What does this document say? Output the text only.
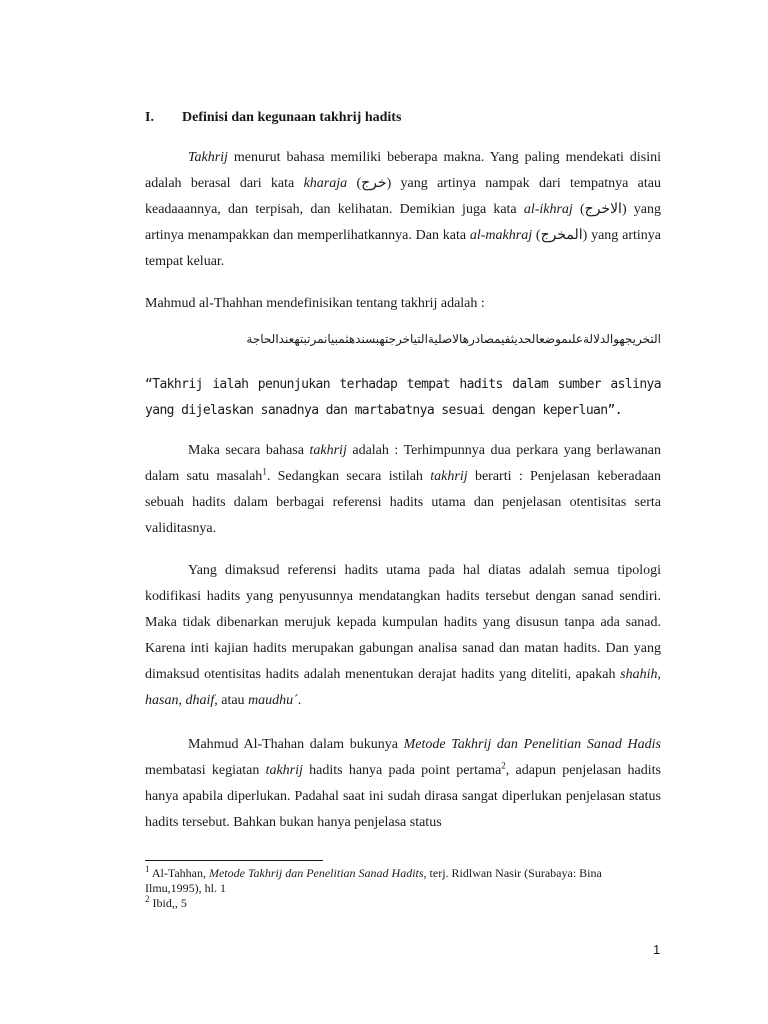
I. Definisi dan kegunaan takhrij hadits

Takhrij menurut bahasa memiliki beberapa makna. Yang paling mendekati disini adalah berasal dari kata kharaja (خرج) yang artinya nampak dari tempatnya atau keadaaannya, dan terpisah, dan kelihatan. Demikian juga kata al-ikhraj (الاخرج) yang artinya menampakkan dan memperlihatkannya. Dan kata al-makhraj (المخرج) yang artinya tempat keluar.

Mahmud al-Thahhan mendefinisikan tentang takhrij adalah :

التخريجهوالدلالةعلىموضعالحديثفيمصادرهالاصليةالتياخرجتهبسندهثمبيانمرتبتهعندالحاجة

“Takhrij ialah penunjukan terhadap tempat hadits dalam sumber aslinya yang dijelaskan sanadnya dan martabatnya sesuai dengan keperluan”.

Maka secara bahasa takhrij adalah : Terhimpunnya dua perkara yang berlawanan dalam satu masalah$^1$. Sedangkan secara istilah takhrij berarti : Penjelasan keberadaan sebuah hadits dalam berbagai referensi hadits utama dan penjelasan otentisitas serta validitasnya.

Yang dimaksud referensi hadits utama pada hal diatas adalah semua tipologi kodifikasi hadits yang penyusunnya mendatangkan hadits tersebut dengan sanad sendiri. Maka tidak dibenarkan merujuk kepada kumpulan hadits yang disusun tanpa ada sanad. Karena inti kajian hadits merupakan gabungan analisa sanad dan matan hadits. Dan yang dimaksud otentisitas hadits adalah menentukan derajat hadits yang diteliti, apakah shahih, hasan, dhaif, atau maudhu´.

Mahmud Al-Thahan dalam bukunya Metode Takhrij dan Penelitian Sanad Hadis membatasi kegiatan takhrij hadits hanya pada point pertama$^2$, adapun penjelasan hadits hanya apabila diperlukan. Padahal saat ini sudah dirasa sangat diperlukan penjelasan status hadits tersebut. Bahkan bukan hanya penjelasa status

$^1$ Al-Tahhan, Metode Takhrij dan Penelitian Sanad Hadits, terj. Ridlwan Nasir (Surabaya: Bina Ilmu,1995), hl. 1

$^2$ Ibid,, 5

1
